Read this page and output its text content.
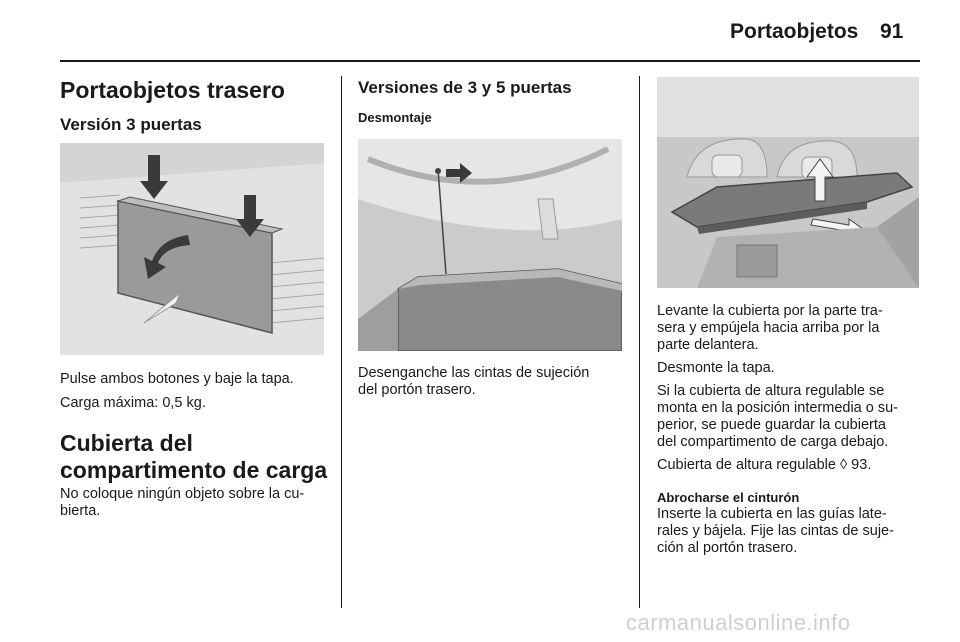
Portaobjetos 91
Portaobjetos trasero
Versión 3 puertas
Pulse ambos botones y baje la tapa.
Carga máxima: 0,5 kg.
Cubierta del
compartimento de carga
No coloque ningún objeto sobre la cu-
bierta.
Versiones de 3 y 5 puertas
Desmontaje
Desenganche las cintas de sujeción
del portón trasero.
Levante la cubierta por la parte tra-
sera y empújela hacia arriba por la
parte delantera.
Desmonte la tapa.
Si la cubierta de altura regulable se
monta en la posición intermedia o su-
perior, se puede guardar la cubierta
del compartimento de carga debajo.
Cubierta de altura regulable ◊ 93.
Abrocharse el cinturón
Inserte la cubierta en las guías late-
rales y bájela. Fije las cintas de suje-
ción al portón trasero.
carmanualsonline.info
